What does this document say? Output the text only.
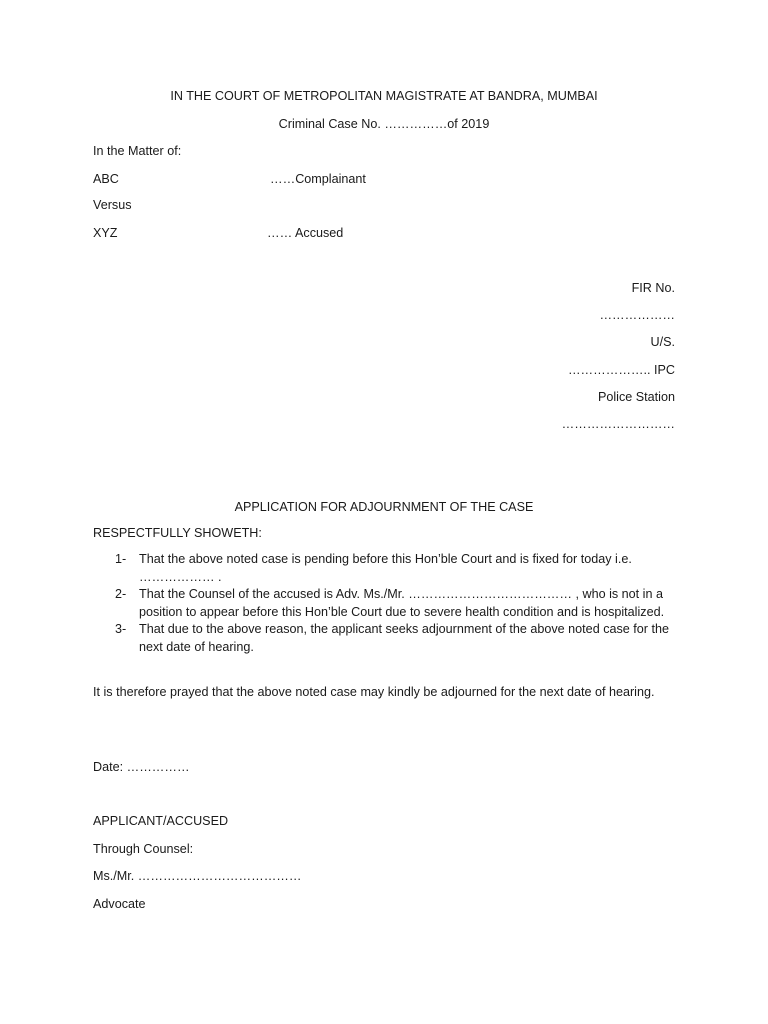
IN THE COURT OF METROPOLITAN MAGISTRATE AT BANDRA, MUMBAI
Criminal Case No. ……………of 2019
In the Matter of:
ABC	……Complainant
Versus
XYZ	…… Accused
FIR No.
………………
U/S.
……………….. IPC
Police Station
………………………
APPLICATION FOR ADJOURNMENT OF THE CASE
RESPECTFULLY SHOWETH:
1- That the above noted case is pending before this Hon’ble Court and is fixed for today i.e. ……………… .
2- That the Counsel of the accused is Adv. Ms./Mr. ………………………………… , who is not in a position to appear before this Hon’ble Court due to severe health condition and is hospitalized.
3- That due to the above reason, the applicant seeks adjournment of the above noted case for the next date of hearing.
It is therefore prayed that the above noted case may kindly be adjourned for the next date of hearing.
Date: ……………
APPLICANT/ACCUSED
Through Counsel:
Ms./Mr. …………………………………
Advocate
